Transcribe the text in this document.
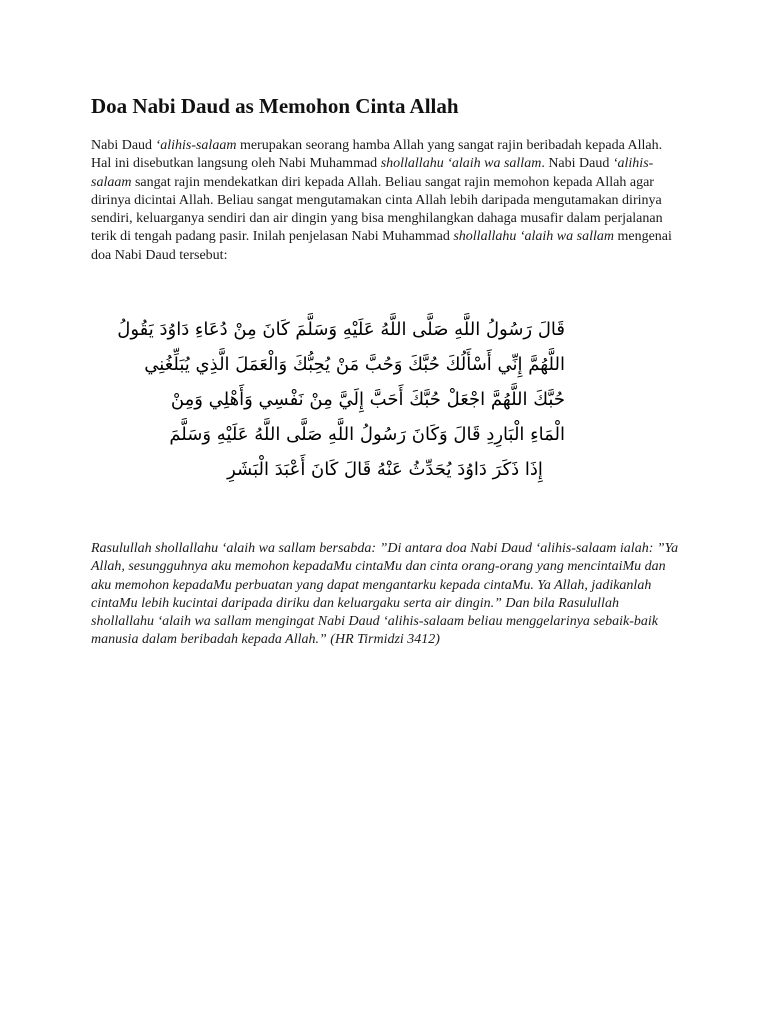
Doa Nabi Daud as Memohon Cinta Allah

Nabi Daud ‘alihis-salaam merupakan seorang hamba Allah yang sangat rajin beribadah kepada Allah. Hal ini disebutkan langsung oleh Nabi Muhammad shollallahu ‘alaih wa sallam. Nabi Daud ‘alihis-salaam sangat rajin mendekatkan diri kepada Allah. Beliau sangat rajin memohon kepada Allah agar dirinya dicintai Allah. Beliau sangat mengutamakan cinta Allah lebih daripada mengutamakan dirinya sendiri, keluarganya sendiri dan air dingin yang bisa menghilangkan dahaga musafir dalam perjalanan terik di tengah padang pasir. Inilah penjelasan Nabi Muhammad shollallahu ‘alaih wa sallam mengenai doa Nabi Daud tersebut:

قَالَ رَسُولُ اللَّهِ صَلَّى اللَّهُ عَلَيْهِ وَسَلَّمَ كَانَ مِنْ دُعَاءِ دَاوُدَ يَقُولُ
اللَّهُمَّ إِنِّي أَسْأَلُكَ حُبَّكَ وَحُبَّ مَنْ يُحِبُّكَ وَالْعَمَلَ الَّذِي يُبَلِّغُنِي
حُبَّكَ اللَّهُمَّ اجْعَلْ حُبَّكَ أَحَبَّ إِلَيَّ مِنْ نَفْسِي وَأَهْلِي وَمِنْ
الْمَاءِ الْبَارِدِ قَالَ وَكَانَ رَسُولُ اللَّهِ صَلَّى اللَّهُ عَلَيْهِ وَسَلَّمَ
إِذَا ذَكَرَ دَاوُدَ يُحَدِّثُ عَنْهُ قَالَ كَانَ أَعْبَدَ الْبَشَرِ

Rasulullah shollallahu ‘alaih wa sallam bersabda: ”Di antara doa Nabi Daud ‘alihis-salaam ialah: ”Ya Allah, sesungguhnya aku memohon kepadaMu cintaMu dan cinta orang-orang yang mencintaiMu dan aku memohon kepadaMu perbuatan yang dapat mengantarku kepada cintaMu. Ya Allah, jadikanlah cintaMu lebih kucintai daripada diriku dan keluargaku serta air dingin.” Dan bila Rasulullah shollallahu ‘alaih wa sallam mengingat Nabi Daud ‘alihis-salaam beliau menggelarinya sebaik-baik manusia dalam beribadah kepada Allah.” (HR Tirmidzi 3412)
